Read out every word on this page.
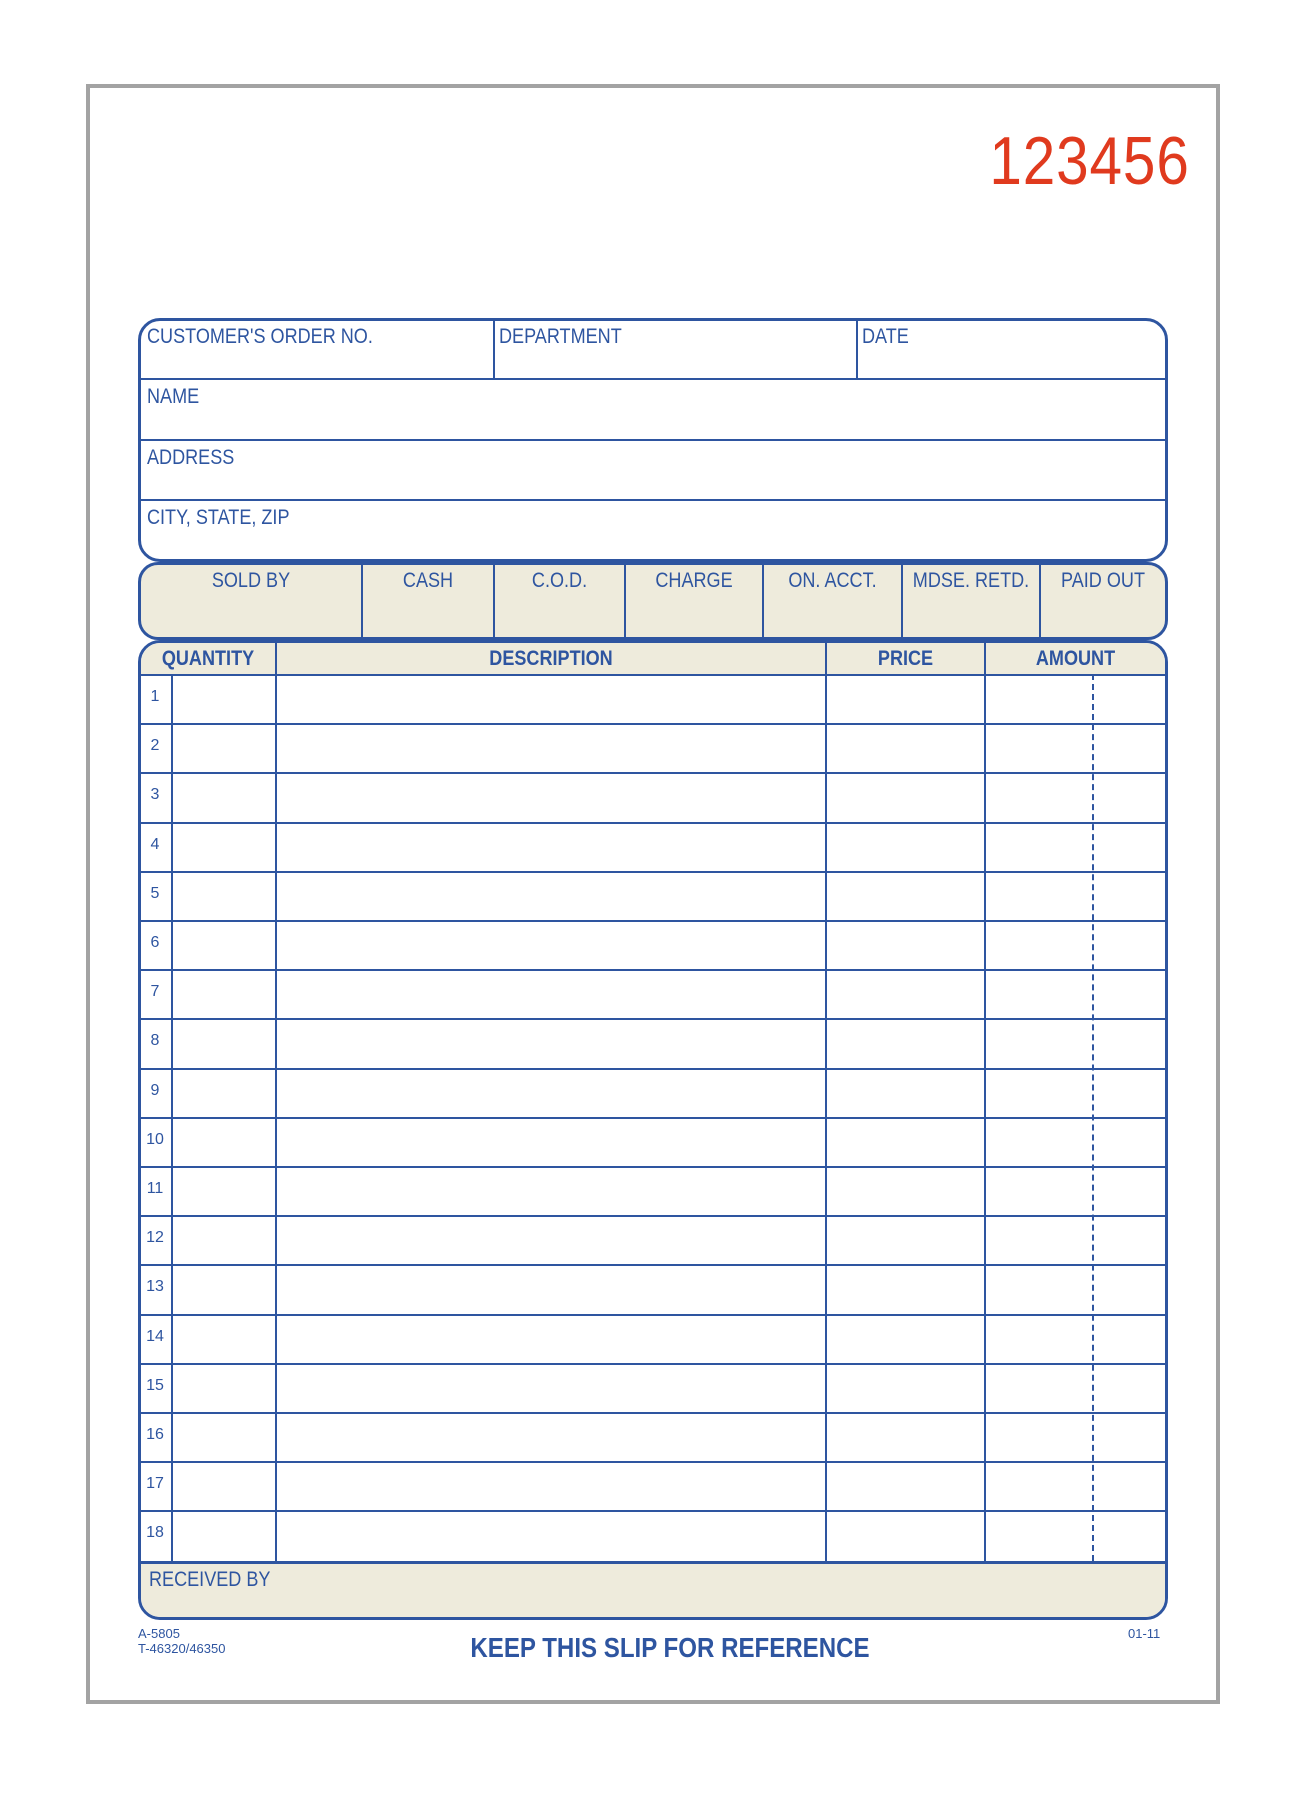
123456
CUSTOMER'S ORDER NO.	DEPARTMENT	DATE
NAME
ADDRESS
CITY, STATE, ZIP
SOLD BY	CASH	C.O.D.	CHARGE	ON. ACCT.	MDSE. RETD.	PAID OUT
QUANTITY	DESCRIPTION	PRICE	AMOUNT
1
2
3
4
5
6
7
8
9
10
11
12
13
14
15
16
17
18
RECEIVED BY
A-5805
T-46320/46350	KEEP THIS SLIP FOR REFERENCE	01-11
